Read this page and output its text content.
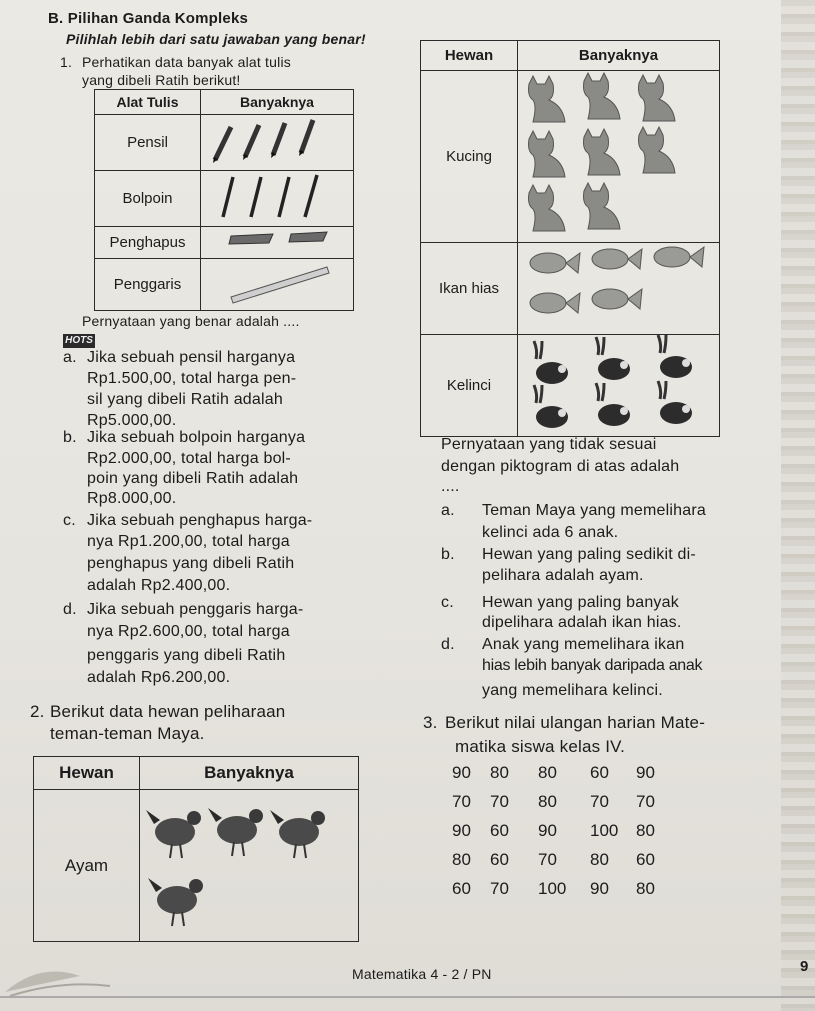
B. Pilihan Ganda Kompleks
Pilihlah lebih dari satu jawaban yang benar!
1. Perhatikan data banyak alat tulis
yang dibeli Ratih berikut!
Alat Tulis	Banyaknya
Pensil	
Bolpoin	
Penghapus	
Penggaris	
Pernyataan yang benar adalah ....
HOTS
a. Jika sebuah pensil harganya
Rp1.500,00, total harga pen-
sil yang dibeli Ratih adalah
Rp5.000,00.
b. Jika sebuah bolpoin harganya
Rp2.000,00, total harga bol-
poin yang dibeli Ratih adalah
Rp8.000,00.
c. Jika sebuah penghapus harga-
nya Rp1.200,00, total harga
penghapus yang dibeli Ratih
adalah Rp2.400,00.
d. Jika sebuah penggaris harga-
nya Rp2.600,00, total harga
penggaris yang dibeli Ratih
adalah Rp6.200,00.
2. Berikut data hewan peliharaan
teman-teman Maya.
Hewan	Banyaknya
Ayam	
Hewan	Banyaknya
Kucing	
Ikan hias	
Kelinci	
Pernyataan yang tidak sesuai
dengan piktogram di atas adalah
....
a. Teman Maya yang memelihara
kelinci ada 6 anak.
b. Hewan yang paling sedikit di-
pelihara adalah ayam.
c. Hewan yang paling banyak
dipelihara adalah ikan hias.
d. Anak yang memelihara ikan
hias lebih banyak daripada anak
yang memelihara kelinci.
3. Berikut nilai ulangan harian Mate-
matika siswa kelas IV.
90	80	80	60	90
70	70	80	70	70
90	60	90	100	80
80	60	70	80	60
60	70	100	90	80
Matematika 4 - 2 / PN	9
